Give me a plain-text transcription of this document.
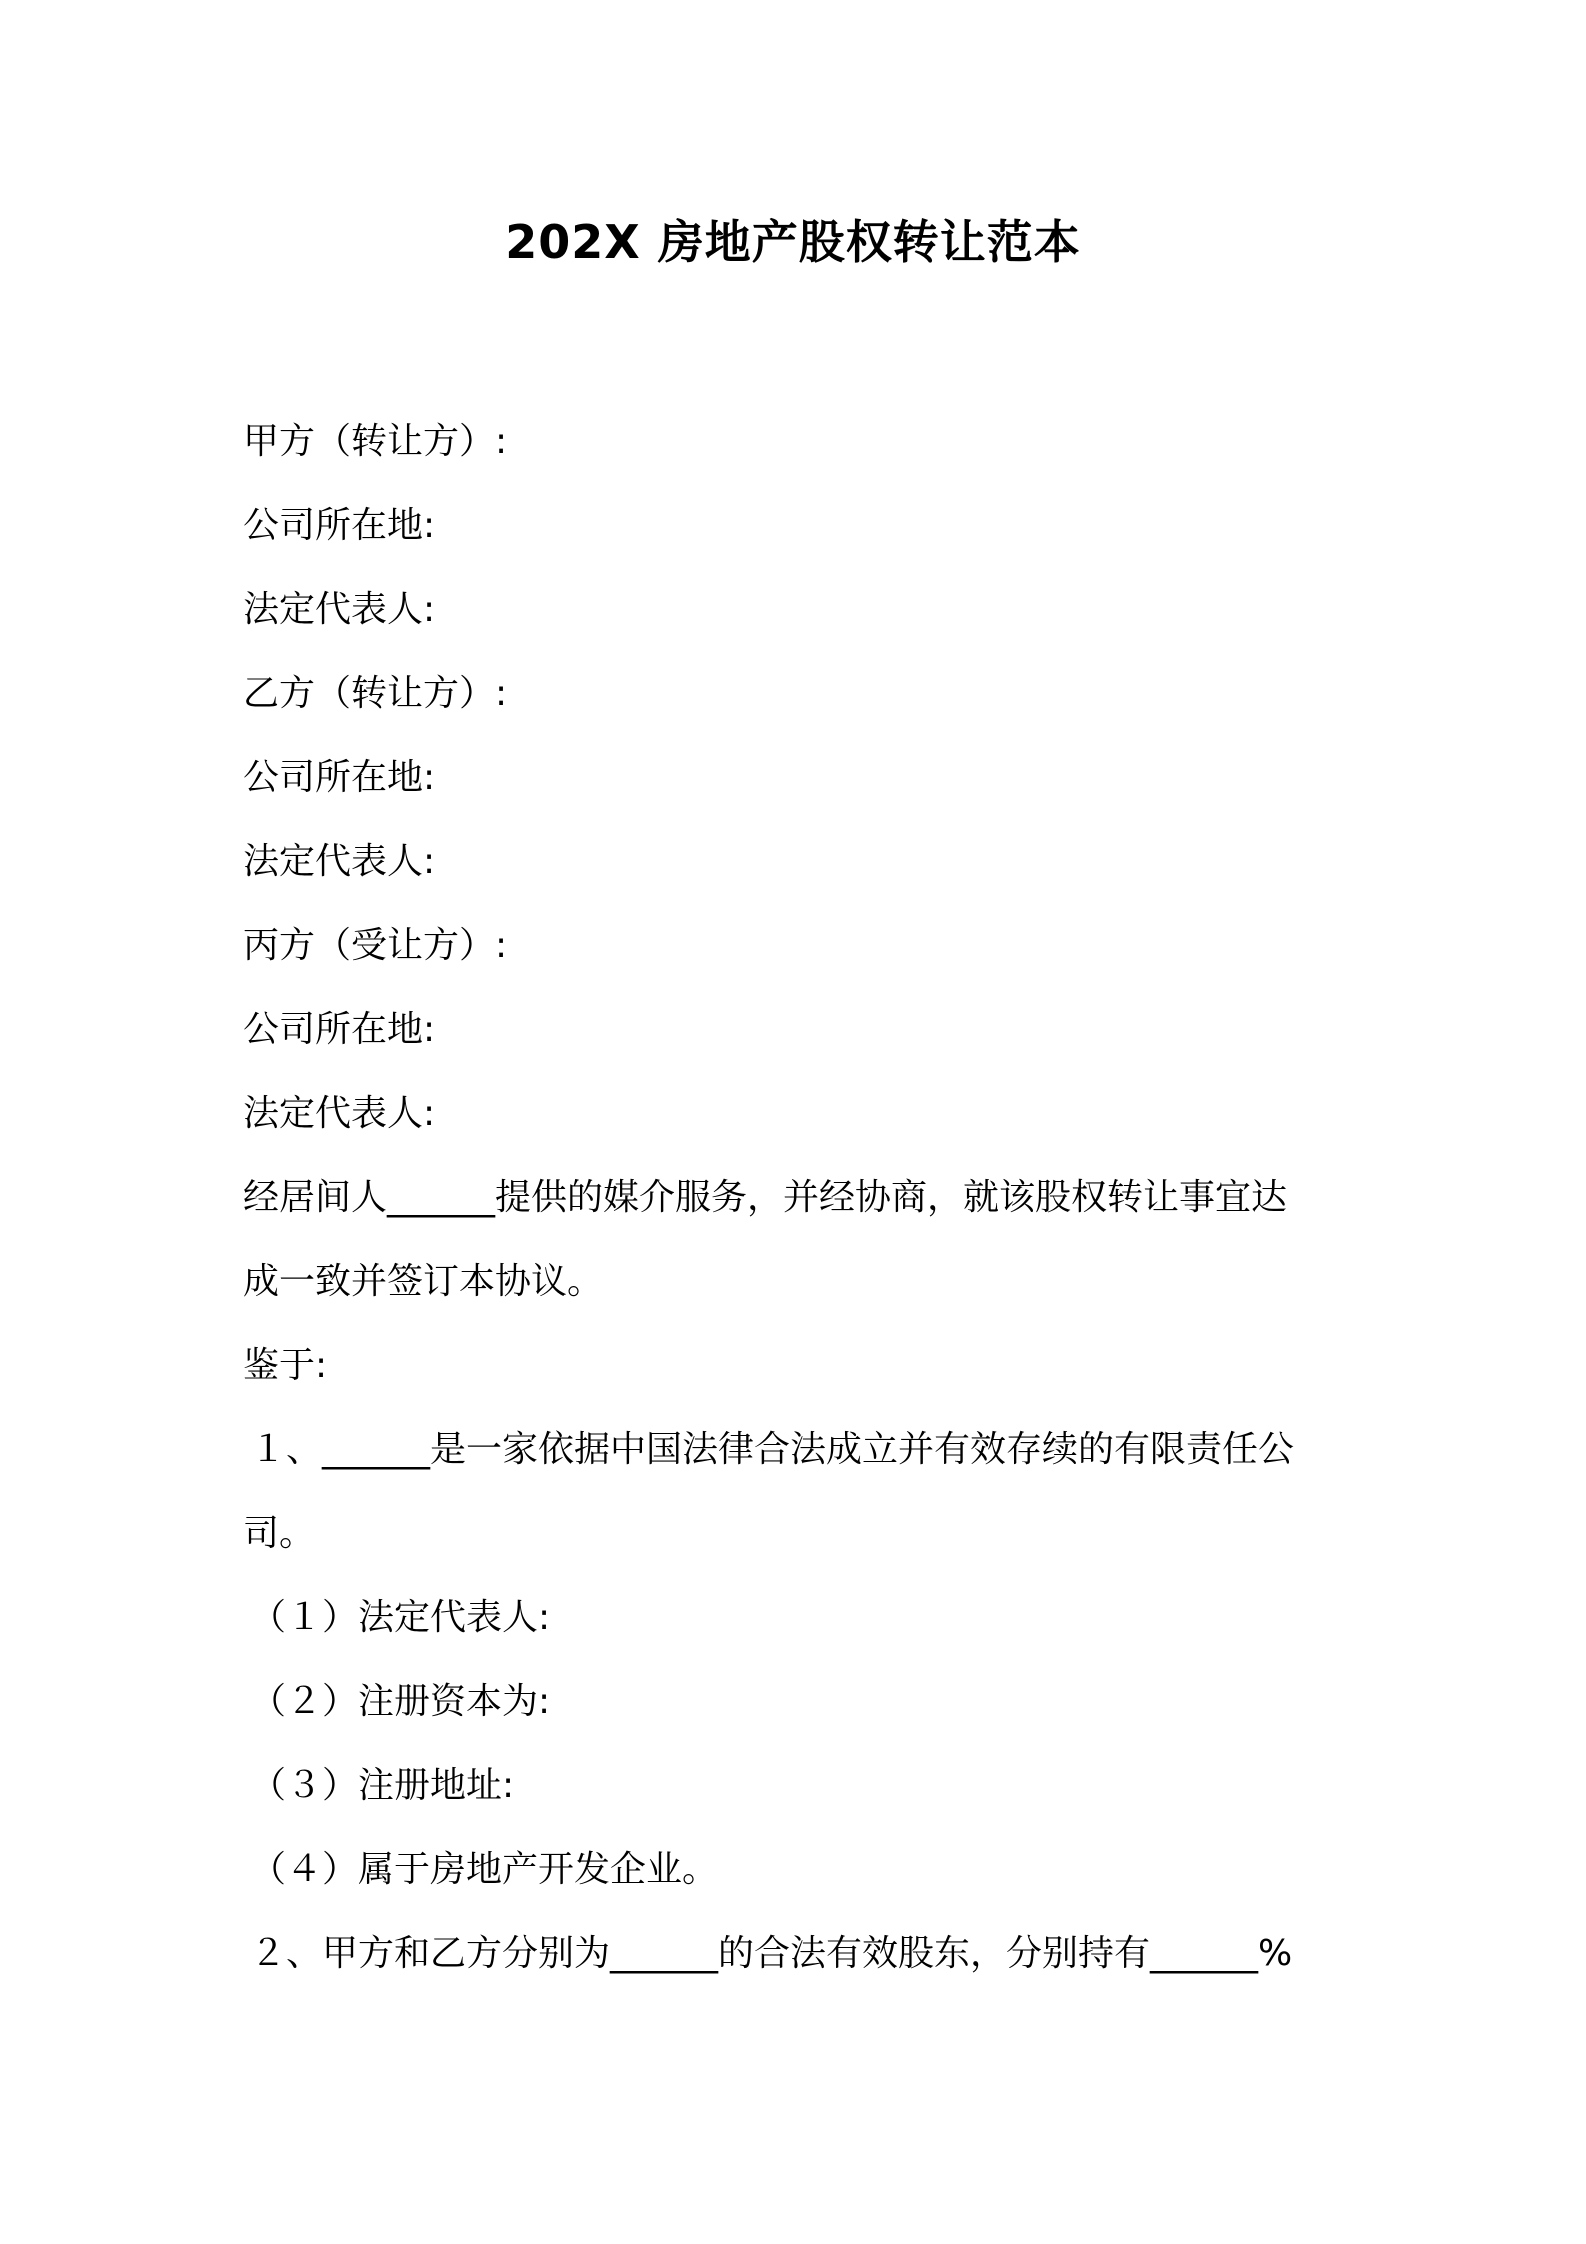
202X 房地产股权转让范本
甲方（转让方）:
公司所在地:
法定代表人:
乙方（转让方）:
公司所在地:
法定代表人:
丙方（受让方）:
公司所在地:
法定代表人:
经居间人______提供的媒介服务，并经协商，就该股权转让事宜达
成一致并签订本协议。
鉴于:
１、______是一家依据中国法律合法成立并有效存续的有限责任公
司。
（１）法定代表人:
（２）注册资本为:
（３）注册地址:
（４）属于房地产开发企业。
２、甲方和乙方分别为______的合法有效股东，分别持有______%
